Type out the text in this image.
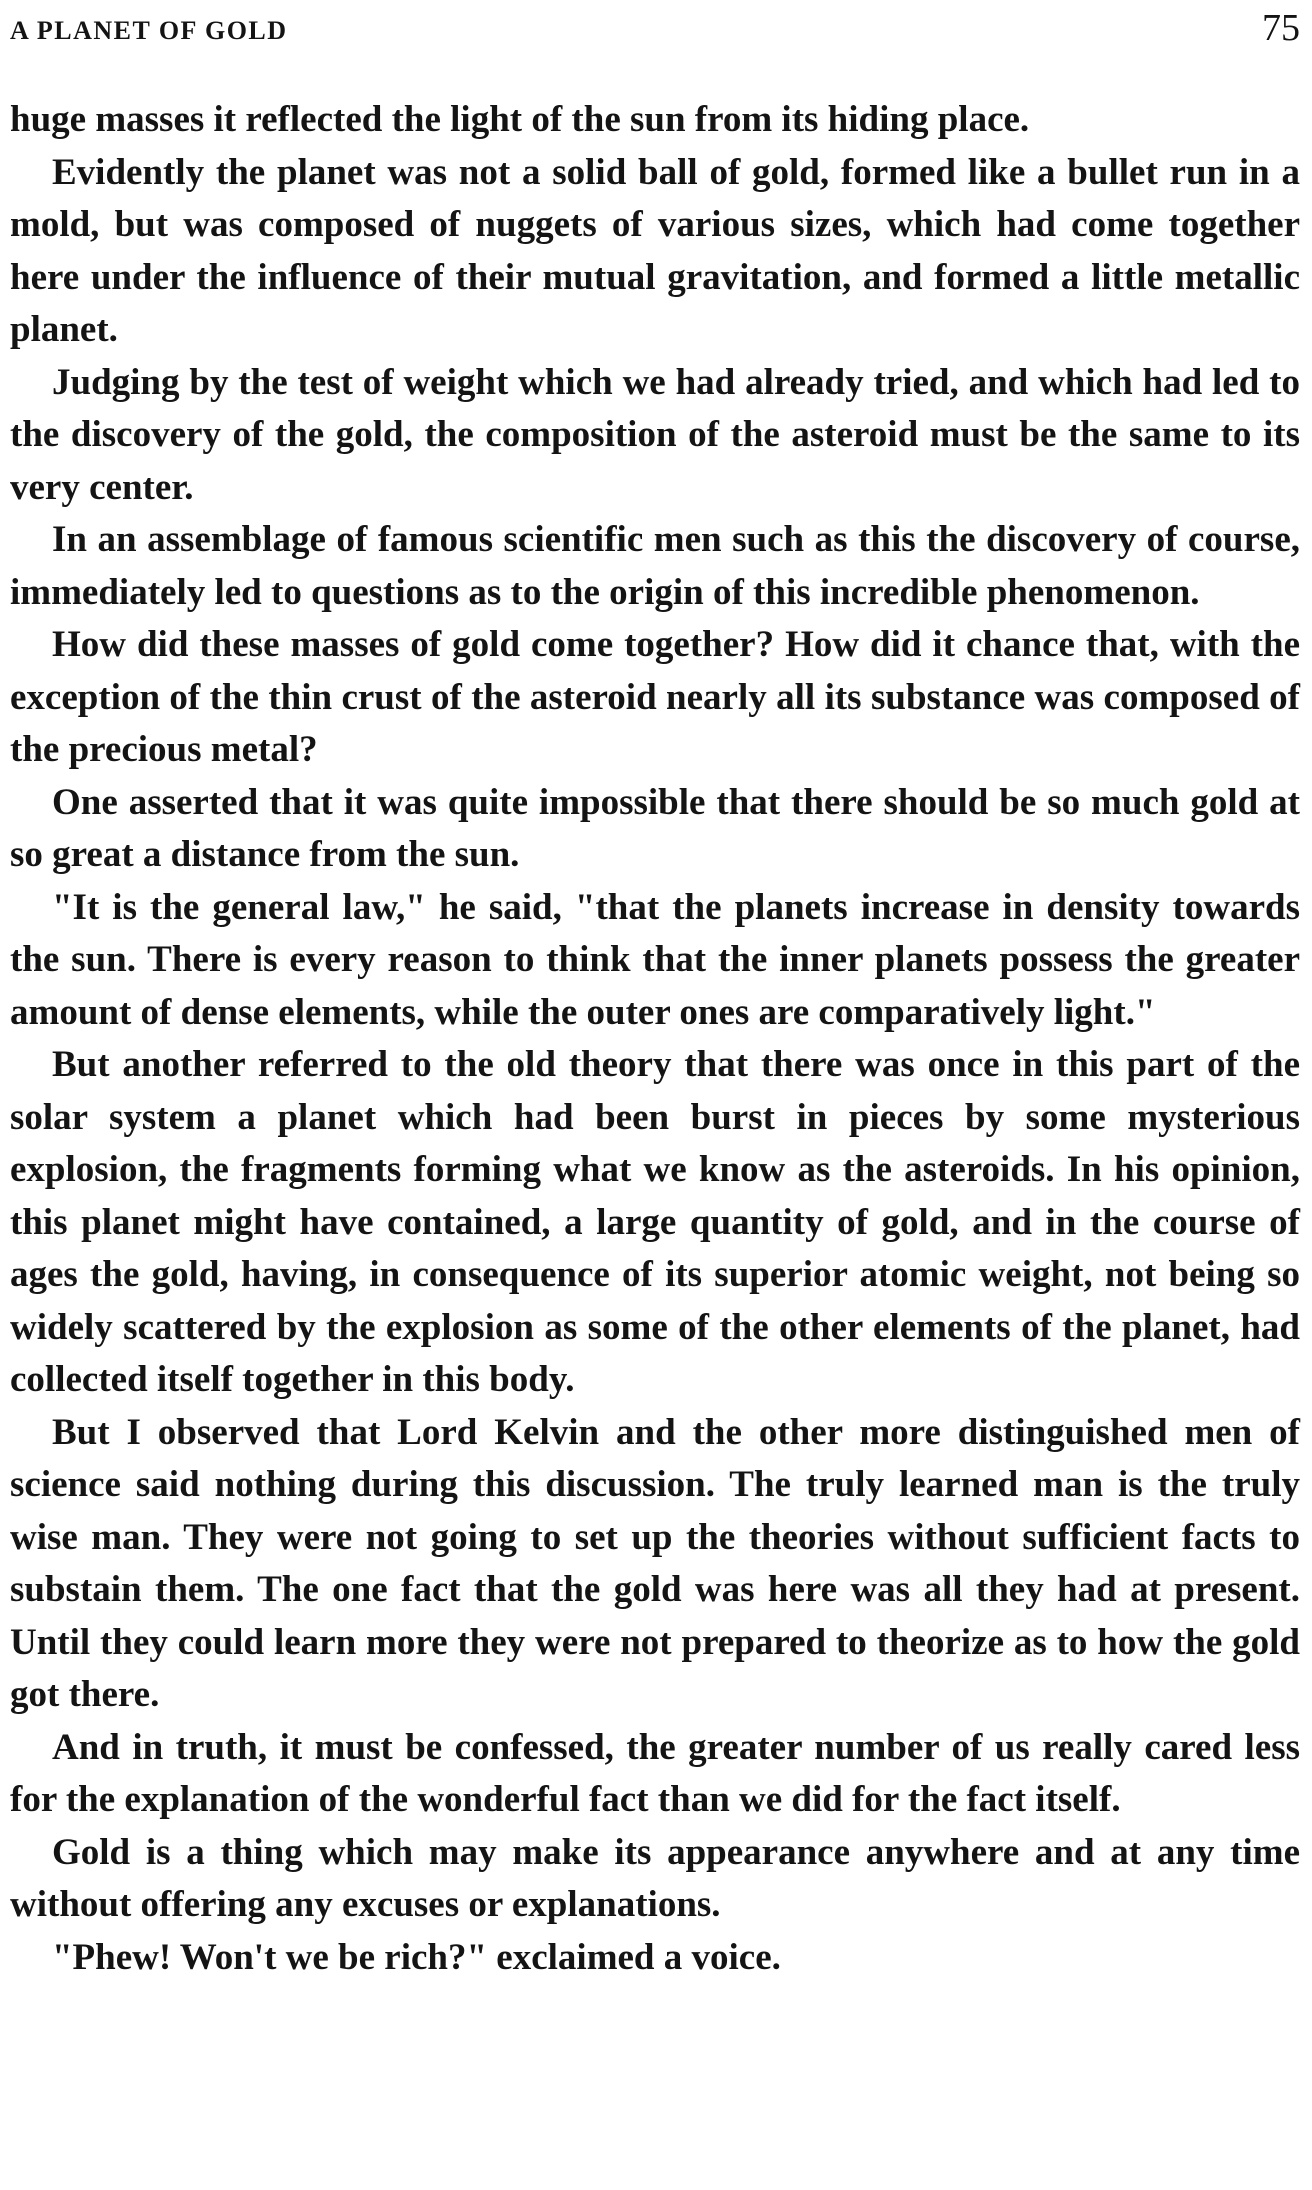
A PLANET OF GOLD	75

huge masses it reflected the light of the sun from its hiding place.

Evidently the planet was not a solid ball of gold, formed like a bullet run in a mold, but was composed of nuggets of various sizes, which had come together here under the influence of their mutual gravitation, and formed a little metallic planet.

Judging by the test of weight which we had already tried, and which had led to the discovery of the gold, the composition of the asteroid must be the same to its very center.

In an assemblage of famous scientific men such as this the discovery of course, immediately led to questions as to the origin of this incredible phenomenon.

How did these masses of gold come together? How did it chance that, with the exception of the thin crust of the asteroid nearly all its substance was composed of the precious metal?

One asserted that it was quite impossible that there should be so much gold at so great a distance from the sun.

"It is the general law," he said, "that the planets increase in density towards the sun. There is every reason to think that the inner planets possess the greater amount of dense elements, while the outer ones are comparatively light."

But another referred to the old theory that there was once in this part of the solar system a planet which had been burst in pieces by some mysterious explosion, the fragments forming what we know as the asteroids. In his opinion, this planet might have contained, a large quantity of gold, and in the course of ages the gold, having, in consequence of its superior atomic weight, not being so widely scattered by the explosion as some of the other elements of the planet, had collected itself together in this body.

But I observed that Lord Kelvin and the other more distinguished men of science said nothing during this discussion. The truly learned man is the truly wise man. They were not going to set up the theories without sufficient facts to substain them. The one fact that the gold was here was all they had at present. Until they could learn more they were not prepared to theorize as to how the gold got there.

And in truth, it must be confessed, the greater number of us really cared less for the explanation of the wonderful fact than we did for the fact itself.

Gold is a thing which may make its appearance anywhere and at any time without offering any excuses or explanations.

"Phew! Won't we be rich?" exclaimed a voice.
